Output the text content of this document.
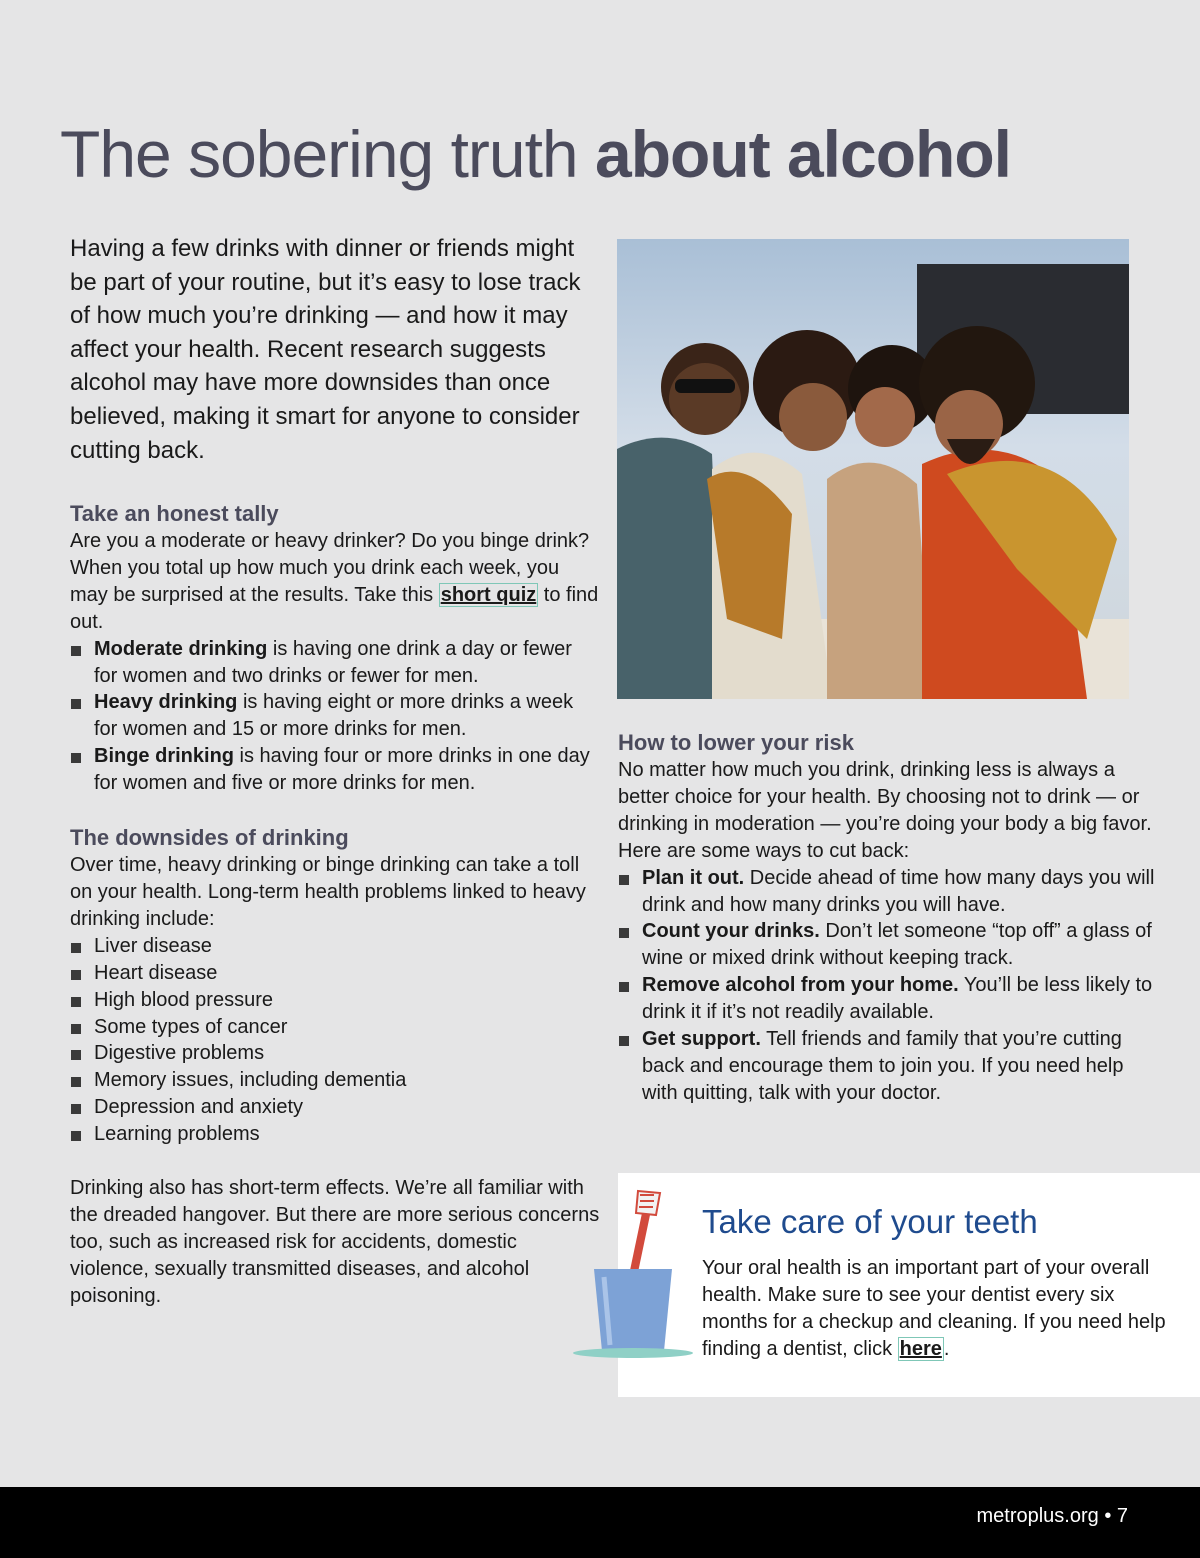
The sobering truth about alcohol

Having a few drinks with dinner or friends might be part of your routine, but it’s easy to lose track of how much you’re drinking — and how it may affect your health. Recent research suggests alcohol may have more downsides than once believed, making it smart for anyone to consider cutting back.

Take an honest tally

Are you a moderate or heavy drinker? Do you binge drink? When you total up how much you drink each week, you may be surprised at the results. Take this short quiz to find out.

Moderate drinking is having one drink a day or fewer for women and two drinks or fewer for men.
Heavy drinking is having eight or more drinks a week for women and 15 or more drinks for men.
Binge drinking is having four or more drinks in one day for women and five or more drinks for men.
The downsides of drinking

Over time, heavy drinking or binge drinking can take a toll on your health. Long-term health problems linked to heavy drinking include:

Liver disease
Heart disease
High blood pressure
Some types of cancer
Digestive problems
Memory issues, including dementia
Depression and anxiety
Learning problems

Drinking also has short-term effects. We’re all familiar with the dreaded hangover. But there are more serious concerns too, such as increased risk for accidents, domestic violence, sexually transmitted diseases, and alcohol poisoning.

How to lower your risk

No matter how much you drink, drinking less is always a better choice for your health. By choosing not to drink — or drinking in moderation — you’re doing your body a big favor. Here are some ways to cut back:

Plan it out. Decide ahead of time how many days you will drink and how many drinks you will have.
Count your drinks. Don’t let someone “top off” a glass of wine or mixed drink without keeping track.
Remove alcohol from your home. You’ll be less likely to drink it if it’s not readily available.
Get support. Tell friends and family that you’re cutting back and encourage them to join you. If you need help with quitting, talk with your doctor.
Take care of your teeth

Your oral health is an important part of your overall health. Make sure to see your dentist every six months for a checkup and cleaning. If you need help finding a dentist, click here .

metroplus.org • 7
